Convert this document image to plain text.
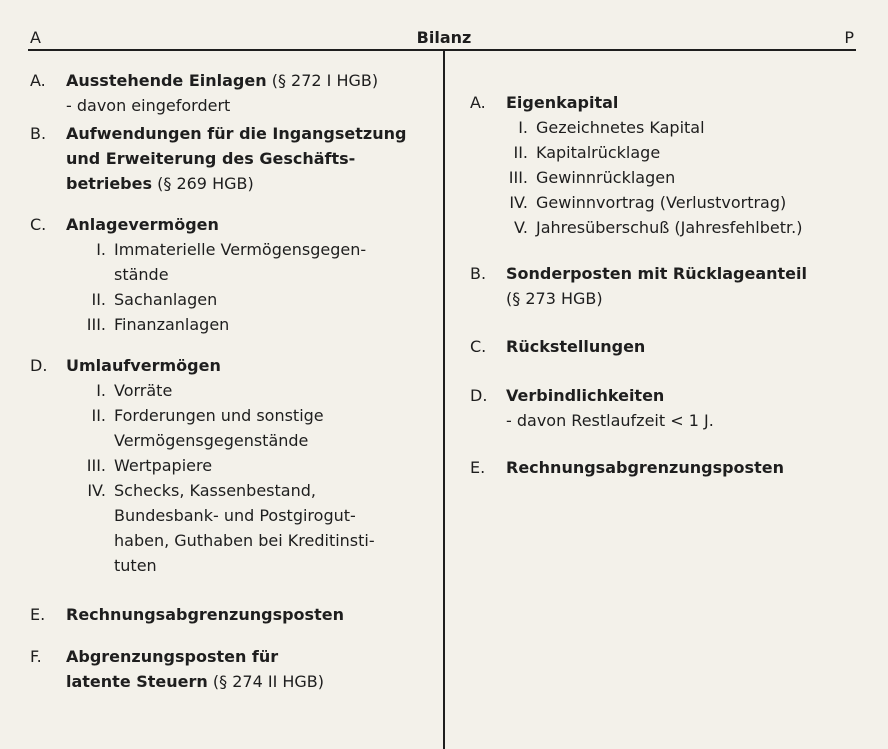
A	Bilanz	P
A.	Ausstehende Einlagen (§ 272 I HGB)
- davon eingefordert
B.	Aufwendungen für die Ingangsetzung
und Erweiterung des Geschäfts-
betriebes (§ 269 HGB)
C.	Anlagevermögen
I. Immaterielle Vermögensgegen-
stände
II. Sachanlagen
III. Finanzanlagen
D.	Umlaufvermögen
I. Vorräte
II. Forderungen und sonstige
Vermögensgegenstände
III. Wertpapiere
IV. Schecks, Kassenbestand,
Bundesbank- und Postgirogut-
haben, Guthaben bei Kreditinsti-
tuten
E.	Rechnungsabgrenzungsposten
F.	Abgrenzungsposten für
latente Steuern (§ 274 II HGB)
A.	Eigenkapital
I. Gezeichnetes Kapital
II. Kapitalrücklage
III. Gewinnrücklagen
IV. Gewinnvortrag (Verlustvortrag)
V. Jahresüberschuß (Jahresfehlbetr.)
B.	Sonderposten mit Rücklageanteil
(§ 273 HGB)
C.	Rückstellungen
D.	Verbindlichkeiten
- davon Restlaufzeit < 1 J.
E.	Rechnungsabgrenzungsposten
